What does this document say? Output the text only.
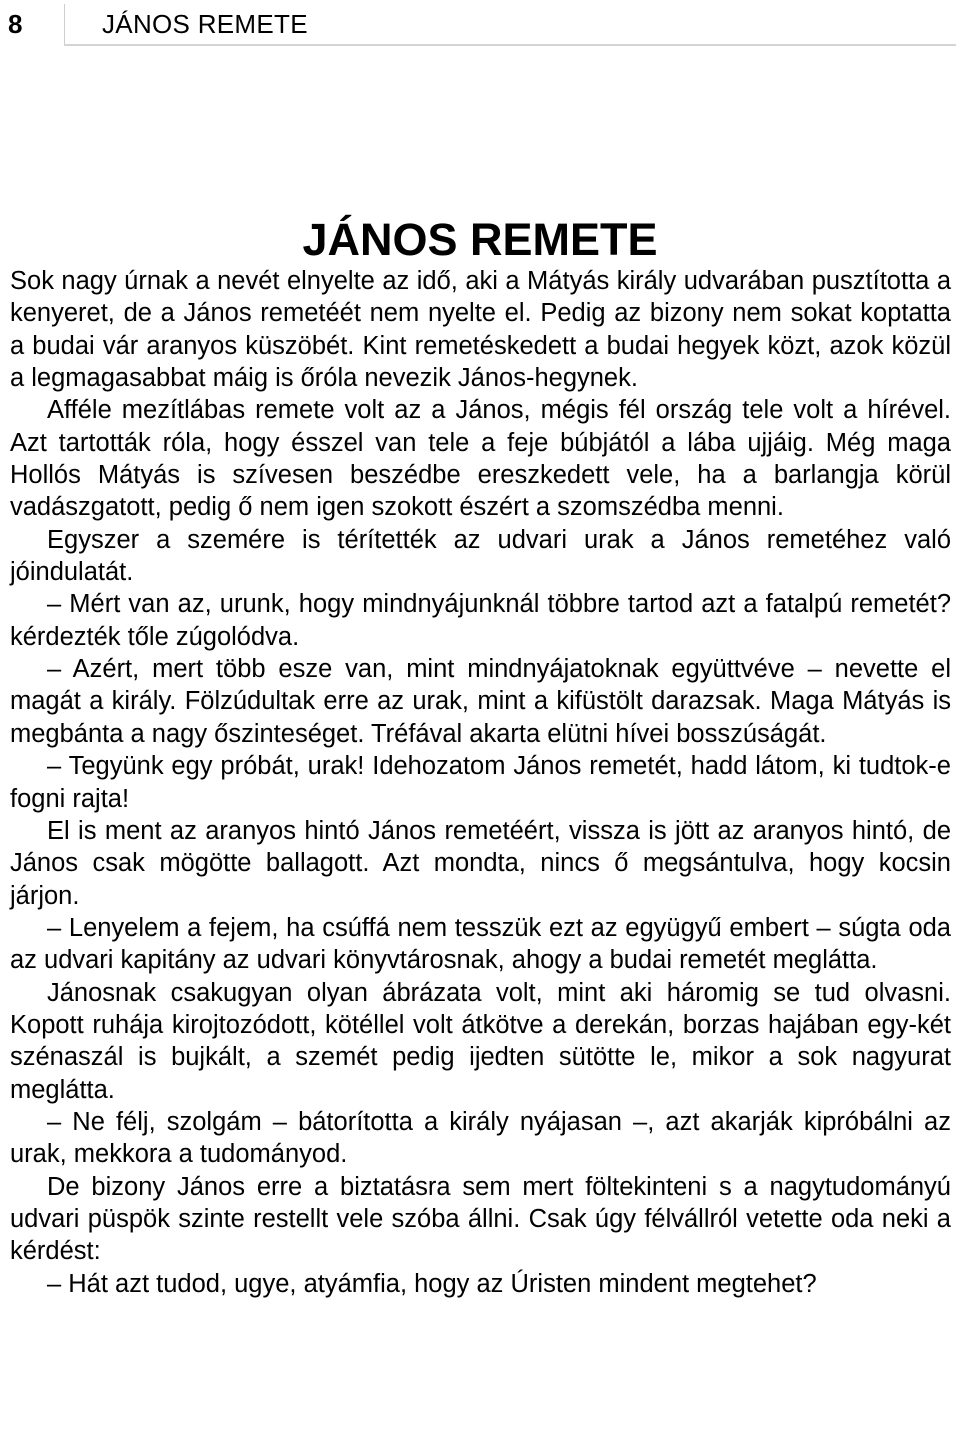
8	JÁNOS REMETE
JÁNOS REMETE

Sok nagy úrnak a nevét elnyelte az idő, aki a Mátyás király udvarában pusztította a kenyeret, de a János remetéét nem nyelte el. Pedig az bizony nem sokat koptatta a budai vár aranyos küszöbét. Kint remetéskedett a budai hegyek közt, azok közül a legmagasabbat máig is őróla nevezik János-hegynek.

Afféle mezítlábas remete volt az a János, mégis fél ország tele volt a hírével. Azt tartották róla, hogy ésszel van tele a feje búbjától a lába ujjáig. Még maga Hollós Mátyás is szívesen beszédbe ereszkedett vele, ha a barlangja körül vadászgatott, pedig ő nem igen szokott észért a szomszédba menni.

Egyszer a szemére is térítették az udvari urak a János remetéhez való jóindulatát.

– Mért van az, urunk, hogy mindnyájunknál többre tartod azt a fatalpú remetét? kérdezték tőle zúgolódva.

– Azért, mert több esze van, mint mindnyájatoknak együttvéve – nevette el magát a király. Fölzúdultak erre az urak, mint a kifüstölt darazsak. Maga Mátyás is megbánta a nagy őszinteséget. Tréfával akarta elütni hívei bosszúságát.

– Tegyünk egy próbát, urak! Idehozatom János remetét, hadd látom, ki tudtok-e fogni rajta!

El is ment az aranyos hintó János remetéért, vissza is jött az aranyos hintó, de János csak mögötte ballagott. Azt mondta, nincs ő megsántulva, hogy kocsin járjon.

– Lenyelem a fejem, ha csúffá nem tesszük ezt az együgyű embert – súgta oda az udvari kapitány az udvari könyvtárosnak, ahogy a budai remetét meglátta.

Jánosnak csakugyan olyan ábrázata volt, mint aki háromig se tud olvasni. Kopott ruhája kirojtozódott, kötéllel volt átkötve a derekán, borzas hajában egy-két szénaszál is bujkált, a szemét pedig ijedten sütötte le, mikor a sok nagyurat meglátta.

– Ne félj, szolgám – bátorította a király nyájasan –, azt akarják kipróbálni az urak, mekkora a tudományod.

De bizony János erre a biztatásra sem mert föltekinteni s a nagytudományú udvari püspök szinte restellt vele szóba állni. Csak úgy félvállról vetette oda neki a kérdést:

– Hát azt tudod, ugye, atyámfia, hogy az Úristen mindent megtehet?
